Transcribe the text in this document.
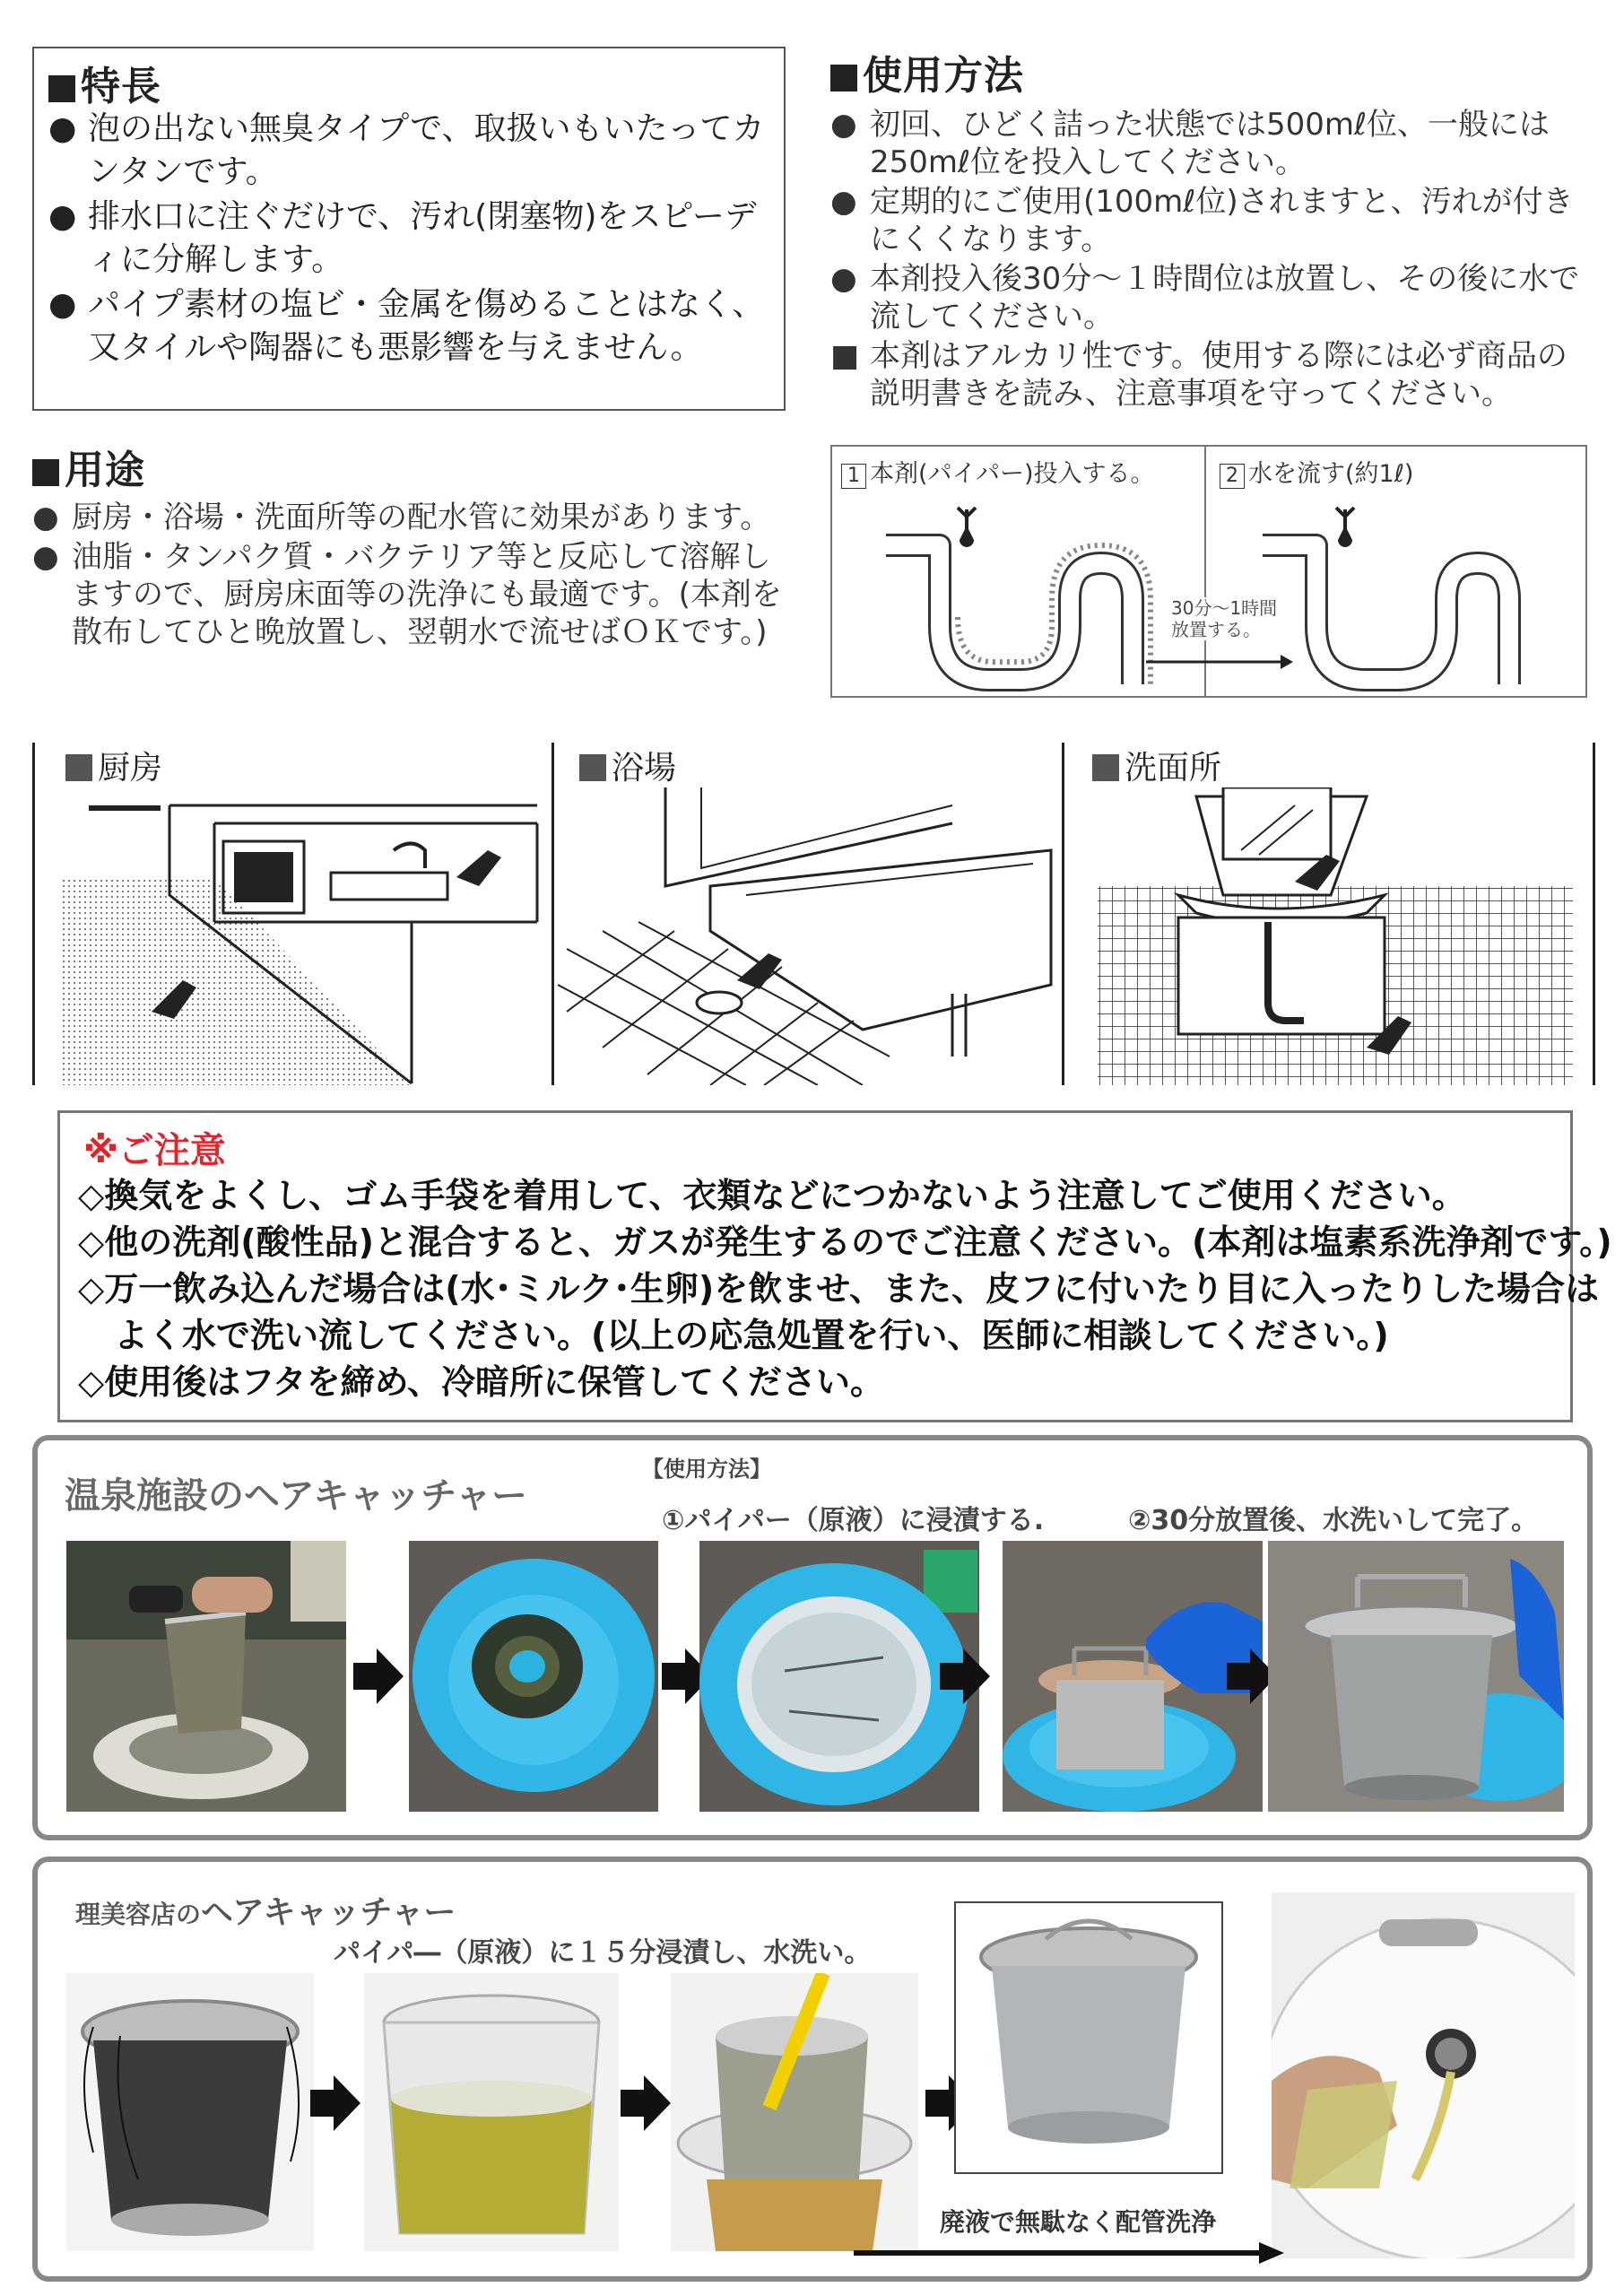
特長

● 泡の出ない無臭タイプで、取扱いもいたってカンタンです。

● 排水口に注ぐだけで、汚れ(閉塞物)をスピーディに分解します。

● パイプ素材の塩ビ・金属を傷めることはなく、又タイルや陶器にも悪影響を与えません。

使用方法

● 初回、ひどく詰った状態では500mℓ位、一般には250mℓ位を投入してください。

● 定期的にご使用(100mℓ位)されますと、汚れが付きにくくなります。

● 本剤投入後30分〜１時間位は放置し、その後に水で流してください。

■ 本剤はアルカリ性です。使用する際には必ず商品の説明書きを読み、注意事項を守ってください。

1 本剤(パイパー)投入する。	2 水を流す(約1ℓ)
30分〜1時間
放置する。
用途

● 厨房・浴場・洗面所等の配水管に効果があります。

● 油脂・タンパク質・バクテリア等と反応して溶解しますので、厨房床面等の洗浄にも最適です。(本剤を散布してひと晩放置し、翌朝水で流せばＯＫです。)

厨房	浴場	洗面所
※ご注意
◇換気をよくし、ゴム手袋を着用して、衣類などにつかないよう注意してご使用ください。
◇他の洗剤(酸性品)と混合すると、ガスが発生するのでご注意ください。(本剤は塩素系洗浄剤です。)
◇万一飲み込んだ場合は(水･ミルク･生卵)を飲ませ、また、皮フに付いたり目に入ったりした場合は
よく水で洗い流してください。(以上の応急処置を行い、医師に相談してください。)
◇使用後はフタを締め、冷暗所に保管してください。
温泉施設のヘアキャッチャー
【使用方法】
①パイパー（原液）に浸漬する.	②30分放置後、水洗いして完了。
理美容店のヘアキャッチャー
パイパ―（原液）に１５分浸漬し、水洗い。
廃液で無駄なく配管洗浄
